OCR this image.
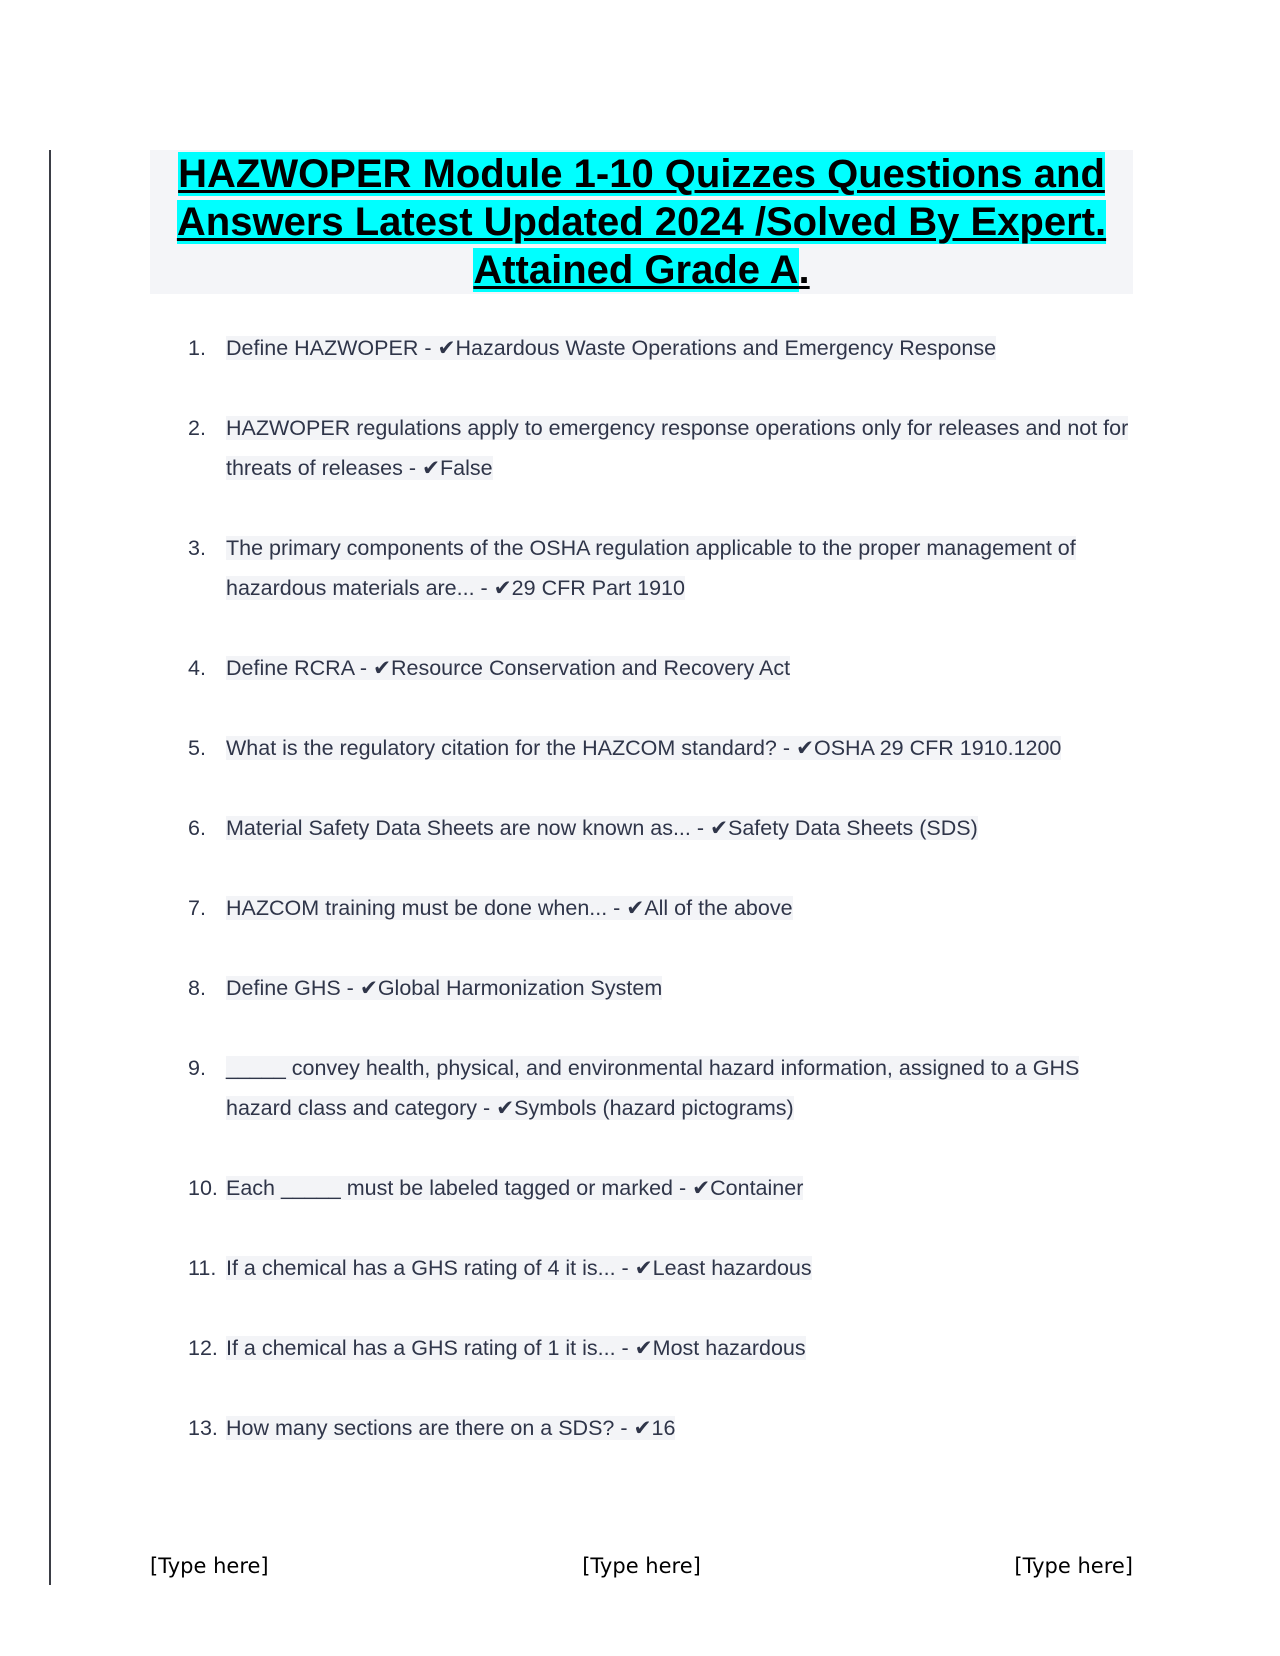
HAZWOPER Module 1-10 Quizzes Questions and
Answers Latest Updated 2024 /Solved By Expert.
Attained Grade A.
1. Define HAZWOPER - ✔Hazardous Waste Operations and Emergency Response
2. HAZWOPER regulations apply to emergency response operations only for releases and not for threats of releases - ✔False
3. The primary components of the OSHA regulation applicable to the proper management of hazardous materials are... - ✔29 CFR Part 1910
4. Define RCRA - ✔Resource Conservation and Recovery Act
5. What is the regulatory citation for the HAZCOM standard? - ✔OSHA 29 CFR 1910.1200
6. Material Safety Data Sheets are now known as... - ✔Safety Data Sheets (SDS)
7. HAZCOM training must be done when... - ✔All of the above
8. Define GHS - ✔Global Harmonization System
9. _____ convey health, physical, and environmental hazard information, assigned to a GHS hazard class and category - ✔Symbols (hazard pictograms)
10. Each _____ must be labeled tagged or marked - ✔Container
11. If a chemical has a GHS rating of 4 it is... - ✔Least hazardous
12. If a chemical has a GHS rating of 1 it is... - ✔Most hazardous
13. How many sections are there on a SDS? - ✔16
[Type here]	[Type here]	[Type here]
